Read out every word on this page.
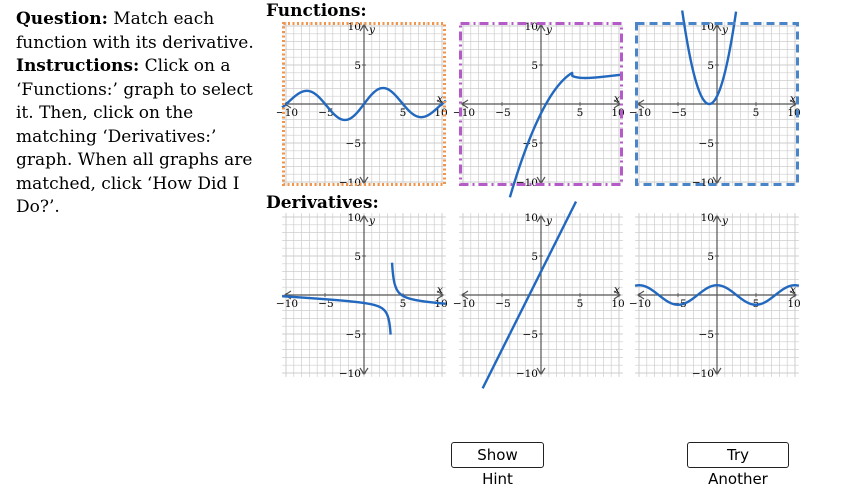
Question: Match each function with its derivative.
Instructions: Click on a ‘Functions:’ graph to select it. Then, click on the matching ‘Derivatives:’ graph. When all graphs are matched, click ‘How Did I Do?’.
Functions:
Derivatives:
−10 −5	5	10
10
5
−5
−10
x
y
−10 −5	5	10
10
5
−5
−10
x
y
−10 −5	5	10
10
5
−5
−10
x
y
−10 −5	5	10
10
5
−5
−10
x
y
−10 −5	5	10
10
5
−5
−10
x
y
−10 −5	5	10
10
5
−5
−10
x
y
Show Hint
Try Another
